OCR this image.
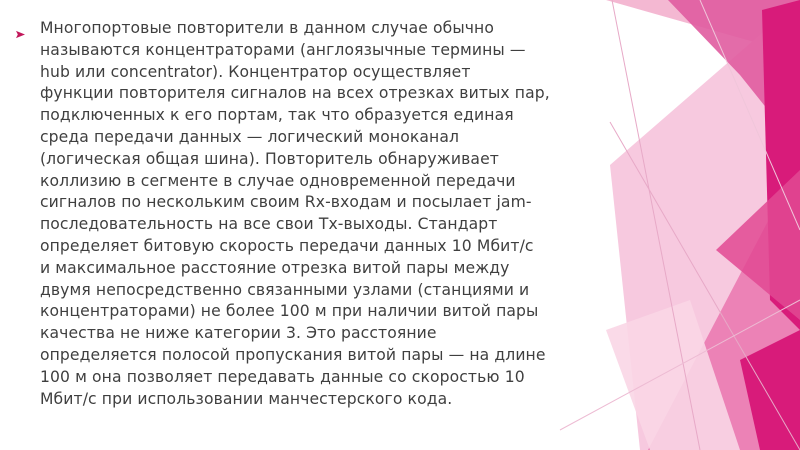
Многопортовые повторители в данном случае обычно
называются концентраторами (англоязычные термины —
hub или concentrator). Концентратор осуществляет
функции повторителя сигналов на всех отрезках витых пар,
подключенных к его портам, так что образуется единая
среда передачи данных — логический моноканал
(логическая общая шина). Повторитель обнаруживает
коллизию в сегменте в случае одновременной передачи
сигналов по нескольким своим Rx-входам и посылает jam-
последовательность на все свои Tx-выходы. Стандарт
определяет битовую скорость передачи данных 10 Мбит/с
и максимальное расстояние отрезка витой пары между
двумя непосредственно связанными узлами (станциями и
концентраторами) не более 100 м при наличии витой пары
качества не ниже категории 3. Это расстояние
определяется полосой пропускания витой пары — на длине
100 м она позволяет передавать данные со скоростью 10
Мбит/с при использовании манчестерского кода.
